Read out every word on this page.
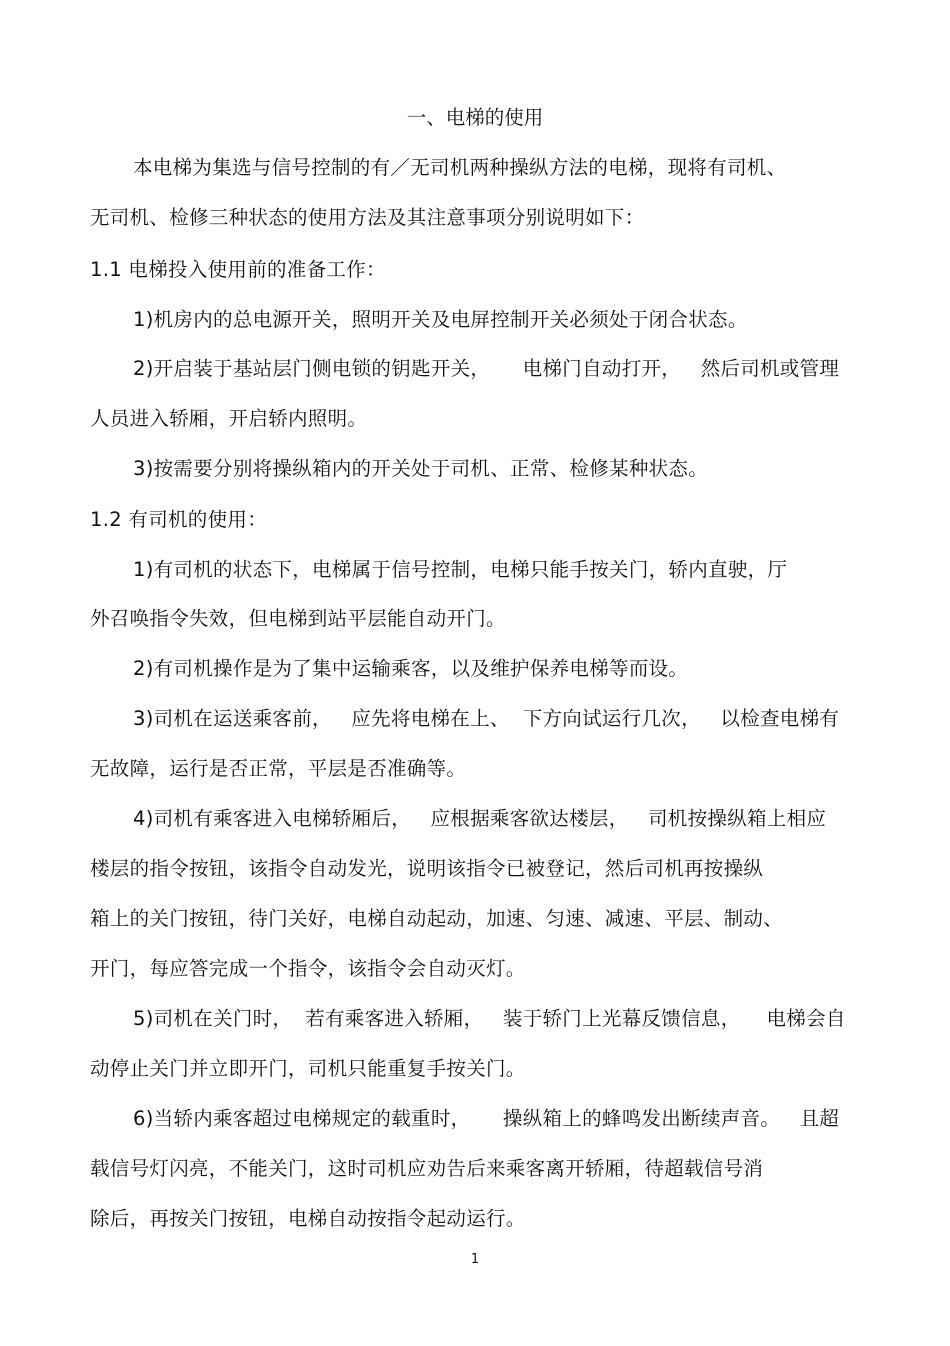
一、电梯的使用
本电梯为集选与信号控制的有／无司机两种操纵方法的电梯，现将有司机、
无司机、检修三种状态的使用方法及其注意事项分别说明如下：
1.1 电梯投入使用前的准备工作：
1)机房内的总电源开关，照明开关及电屏控制开关必须处于闭合状态。
2)开启装于基站层门侧电锁的钥匙开关，     电梯门自动打开，   然后司机或管理
人员进入轿厢，开启轿内照明。
3)按需要分别将操纵箱内的开关处于司机、正常、检修某种状态。
1.2 有司机的使用：
1)有司机的状态下，电梯属于信号控制，电梯只能手按关门，轿内直驶，厅
外召唤指令失效，但电梯到站平层能自动开门。
2)有司机操作是为了集中运输乘客，以及维护保养电梯等而设。
3)司机在运送乘客前，   应先将电梯在上、  下方向试运行几次，   以检查电梯有
无故障，运行是否正常，平层是否准确等。
4)司机有乘客进入电梯轿厢后，   应根据乘客欲达楼层，   司机按操纵箱上相应
楼层的指令按钮，该指令自动发光，说明该指令已被登记，然后司机再按操纵
箱上的关门按钮，待门关好，电梯自动起动，加速、匀速、减速、平层、制动、
开门，每应答完成一个指令，该指令会自动灭灯。
5)司机在关门时，  若有乘客进入轿厢，   装于轿门上光幕反馈信息，    电梯会自
动停止关门并立即开门，司机只能重复手按关门。
6)当轿内乘客超过电梯规定的载重时，     操纵箱上的蜂鸣发出断续声音。   且超
载信号灯闪亮，不能关门，这时司机应劝告后来乘客离开轿厢，待超载信号消
除后，再按关门按钮，电梯自动按指令起动运行。
1
